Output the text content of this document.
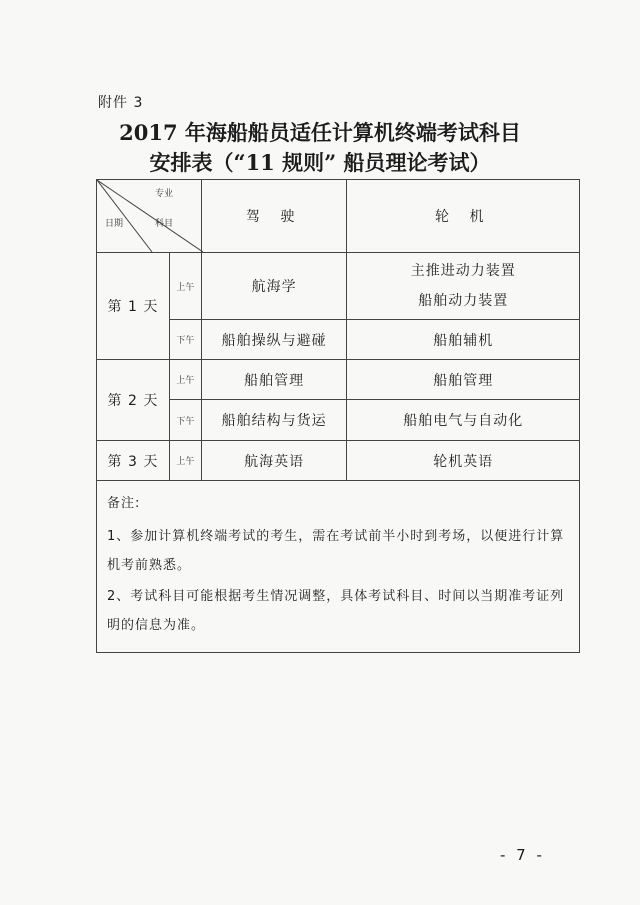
附件 3
2017 年海船船员适任计算机终端考试科目
安排表（“11 规则” 船员理论考试）
专业
日期 科目		驾 驶	轮 机
第 1 天	上午	航海学	主推进动力装置
船舶动力装置

	下午	船舶操纵与避碰	船舶辅机
第 2 天	上午	船舶管理	船舶管理
	下午	船舶结构与货运	船舶电气与自动化
第 3 天	上午	航海英语	轮机英语

备注:
1、参加计算机终端考试的考生，需在考试前半小时到考场，以便进行计算机考前熟悉。
2、考试科目可能根据考生情况调整，具体考试科目、时间以当期准考证列明的信息为准。			
- 7 -
